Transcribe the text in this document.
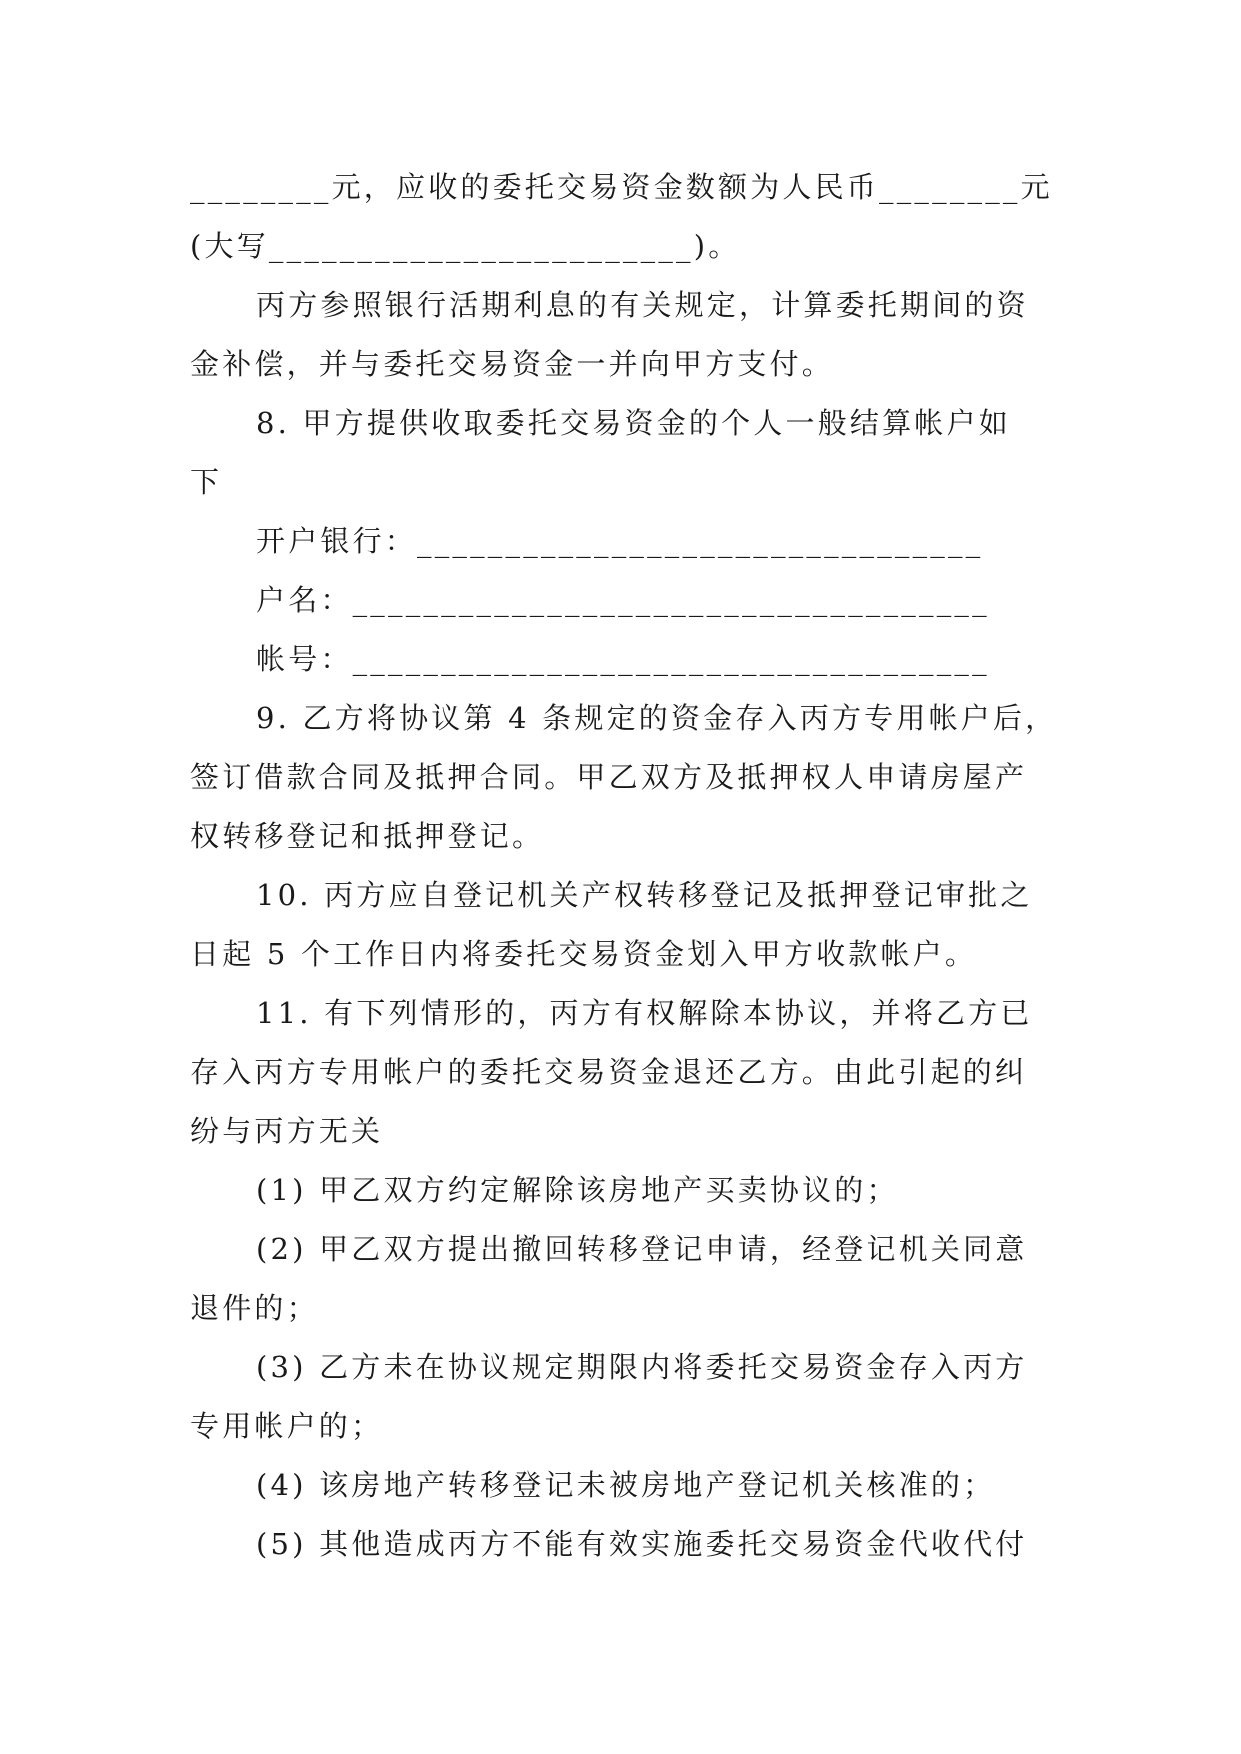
________元，应收的委托交易资金数额为人民币________元
(大写________________________)。
丙方参照银行活期利息的有关规定，计算委托期间的资
金补偿，并与委托交易资金一并向甲方支付。
8. 甲方提供收取委托交易资金的个人一般结算帐户如
下
开户银行：________________________________
户名：____________________________________
帐号：____________________________________
9. 乙方将协议第 4 条规定的资金存入丙方专用帐户后，
签订借款合同及抵押合同。甲乙双方及抵押权人申请房屋产
权转移登记和抵押登记。
10. 丙方应自登记机关产权转移登记及抵押登记审批之
日起 5 个工作日内将委托交易资金划入甲方收款帐户。
11. 有下列情形的，丙方有权解除本协议，并将乙方已
存入丙方专用帐户的委托交易资金退还乙方。由此引起的纠
纷与丙方无关
(1) 甲乙双方约定解除该房地产买卖协议的；
(2) 甲乙双方提出撤回转移登记申请，经登记机关同意
退件的；
(3) 乙方未在协议规定期限内将委托交易资金存入丙方
专用帐户的；
(4) 该房地产转移登记未被房地产登记机关核准的；
(5) 其他造成丙方不能有效实施委托交易资金代收代付
